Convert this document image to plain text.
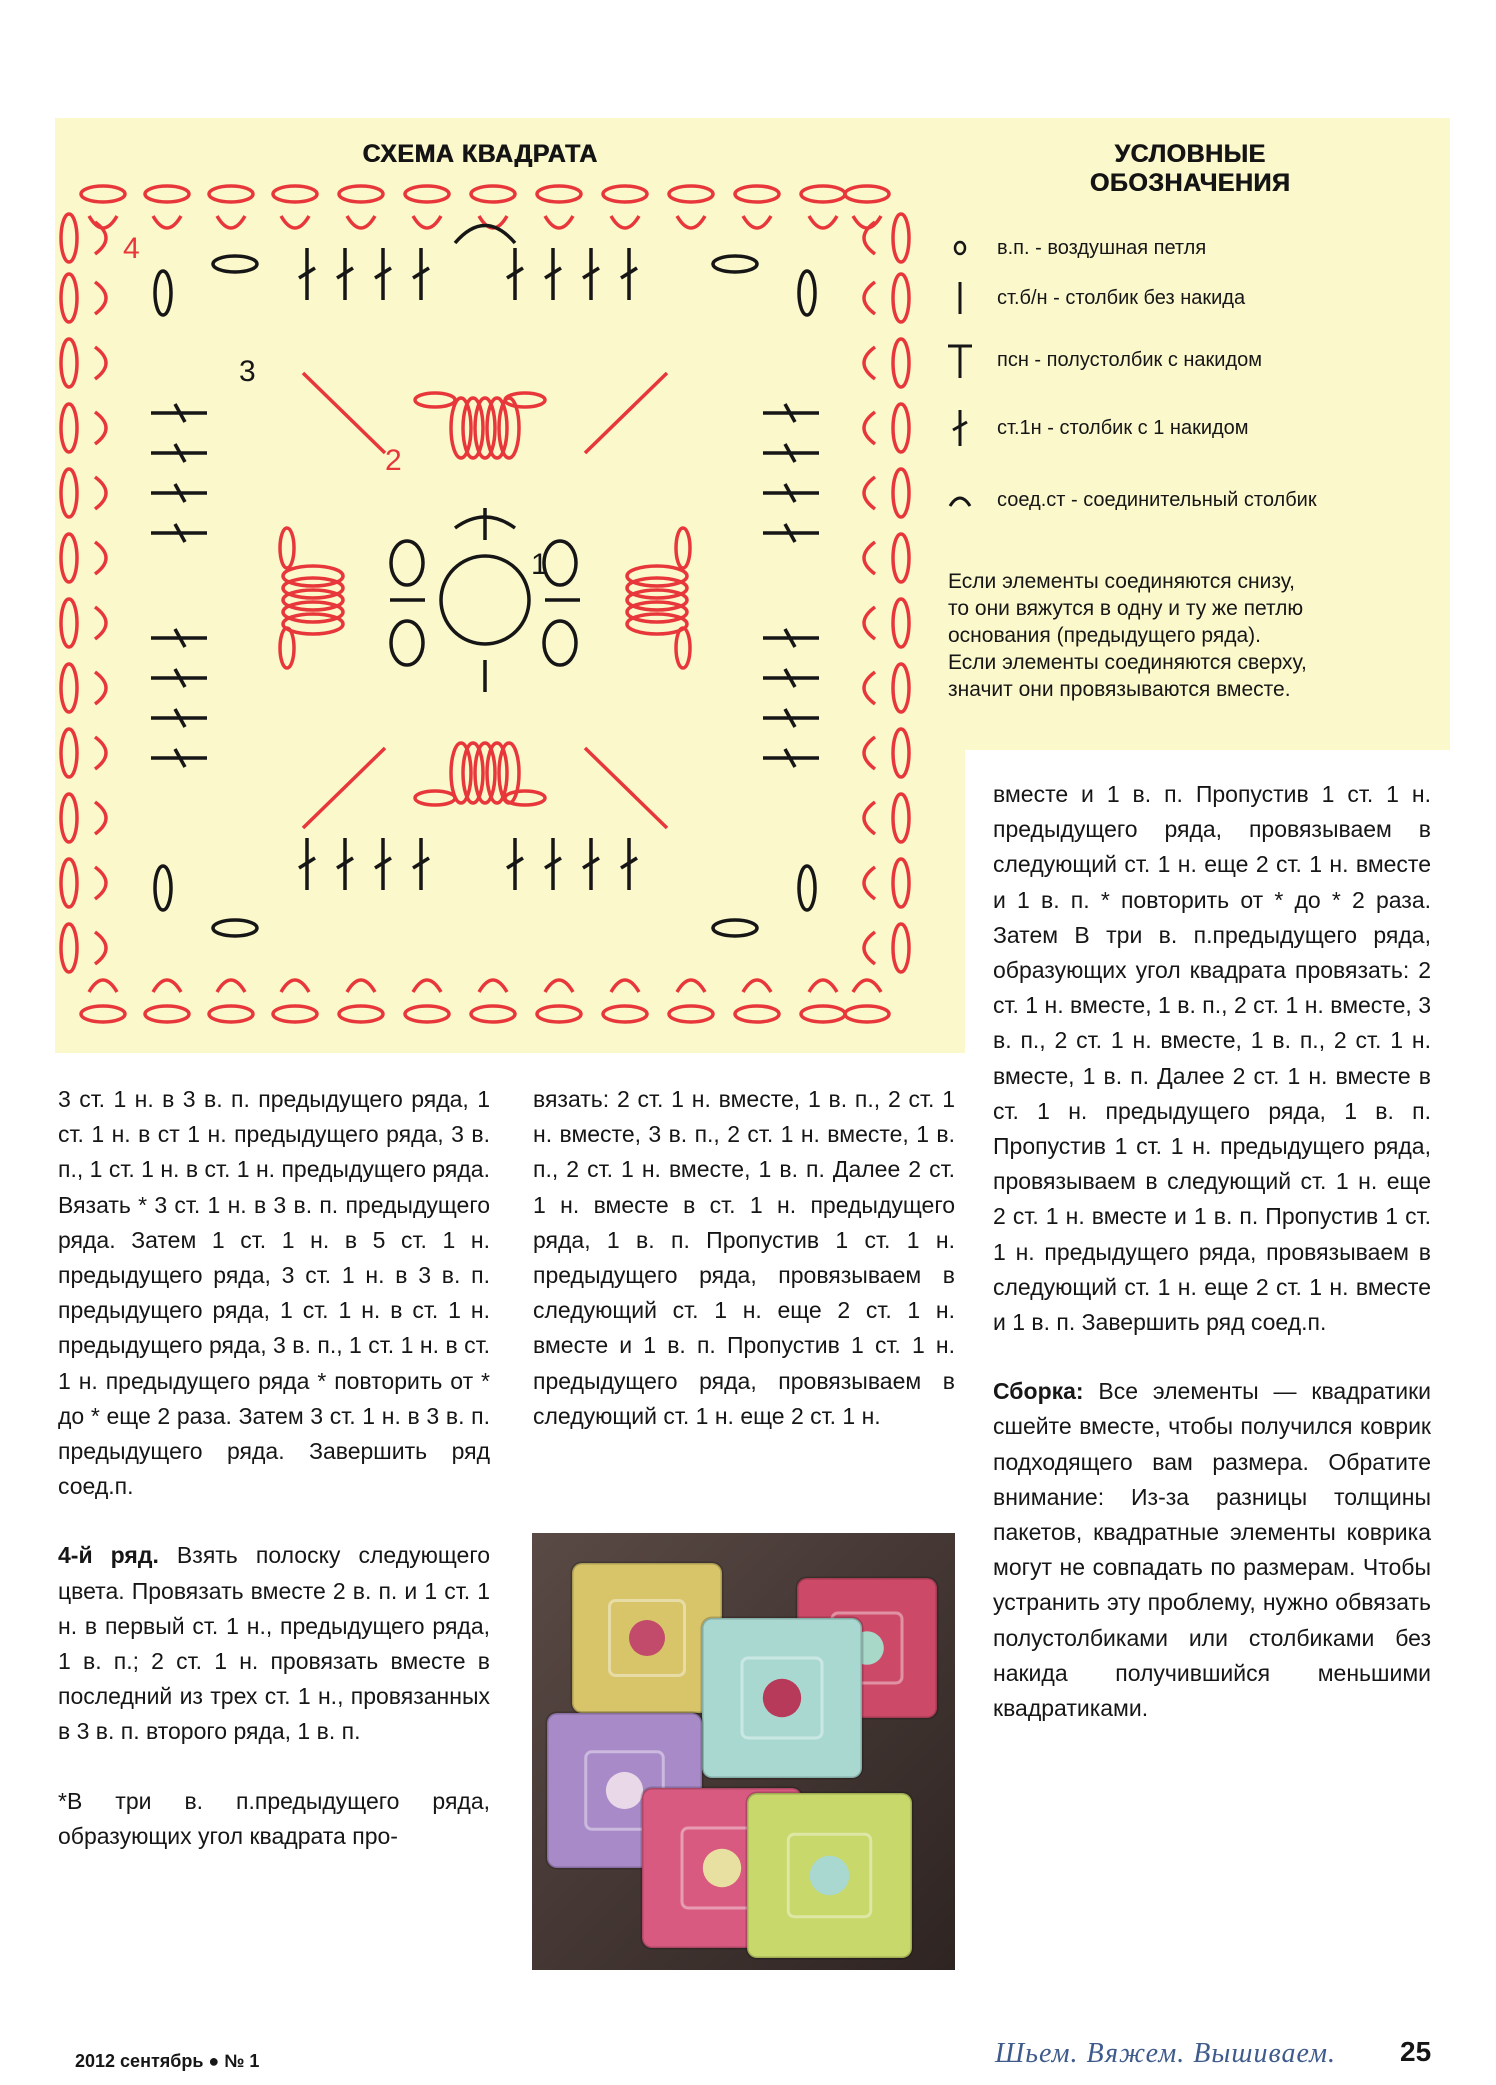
СХЕМА КВАДРАТА	УСЛОВНЫЕ
ОБОЗНАЧЕНИЯ
4
3
2
1
в.п. - воздушная петля
ст.б/н - столбик без накида
псн - полустолбик с накидом
ст.1н - столбик с 1 накидом
соед.ст - соединительный столбик
Если элементы соединяются снизу,
то они вяжутся в одну и ту же петлю
основания (предыдущего ряда).
Если элементы соединяются сверху,
значит они провязываются вместе.

3 ст. 1 н. в 3 в. п. предыдущего ряда, 1 ст. 1 н. в ст 1 н. предыдущего ряда, 3 в. п., 1 ст. 1 н. в ст. 1 н. предыдущего ряда. Вязать * 3 ст. 1 н. в 3 в. п. предыдущего ряда. Затем 1 ст. 1 н. в 5 ст. 1 н. предыдущего ряда, 3 ст. 1 н. в 3 в. п. предыдущего ряда, 1 ст. 1 н. в ст. 1 н. предыдущего ряда, 3 в. п., 1 ст. 1 н. в ст. 1 н. предыдущего ряда * повторить от * до * еще 2 раза. Затем 3 ст. 1 н. в 3 в. п. предыдущего ряда. Завершить ряд соед.п.

4-й ряд. Взять полоску следующего цвета. Провязать вместе 2 в. п. и 1 ст. 1 н. в первый ст. 1 н., предыдущего ряда, 1 в. п.; 2 ст. 1 н. провязать вместе в последний из трех ст. 1 н., провязанных в 3 в. п. второго ряда, 1 в. п.

*В три в. п.предыдущего ряда, образующих угол квадрата про-

вязать: 2 ст. 1 н. вместе, 1 в. п., 2 ст. 1 н. вместе, 3 в. п., 2 ст. 1 н. вместе, 1 в. п., 2 ст. 1 н. вместе, 1 в. п. Далее 2 ст. 1 н. вместе в ст. 1 н. предыдущего ряда, 1 в. п. Пропустив 1 ст. 1 н. предыдущего ряда, провязываем в следующий ст. 1 н. еще 2 ст. 1 н. вместе и 1 в. п. Пропустив 1 ст. 1 н. предыдущего ряда, провязываем в следующий ст. 1 н. еще 2 ст. 1 н.

вместе и 1 в. п. Пропустив 1 ст. 1 н. предыдущего ряда, провязываем в следующий ст. 1 н. еще 2 ст. 1 н. вместе и 1 в. п. * повторить от * до * 2 раза. Затем В три в. п.предыдущего ряда, образующих угол квадрата провязать: 2 ст. 1 н. вместе, 1 в. п., 2 ст. 1 н. вместе, 3 в. п., 2 ст. 1 н. вместе, 1 в. п., 2 ст. 1 н. вместе, 1 в. п. Далее 2 ст. 1 н. вместе в ст. 1 н. предыдущего ряда, 1 в. п. Пропустив 1 ст. 1 н. предыдущего ряда, провязываем в следующий ст. 1 н. еще 2 ст. 1 н. вместе и 1 в. п. Пропустив 1 ст. 1 н. предыдущего ряда, провязываем в следующий ст. 1 н. еще 2 ст. 1 н. вместе и 1 в. п. Завершить ряд соед.п.

Сборка: Все элементы — квадратики сшейте вместе, чтобы получился коврик подходящего вам размера. Обратите внимание: Из-за разницы толщины пакетов, квадратные элементы коврика могут не совпадать по размерам. Чтобы устранить эту проблему, нужно обвязать полустолбиками или столбиками без накида получившийся меньшими квадратиками.

2012 сентябрь ● № 1	Шьем. Вяжем. Вышиваем. 25
